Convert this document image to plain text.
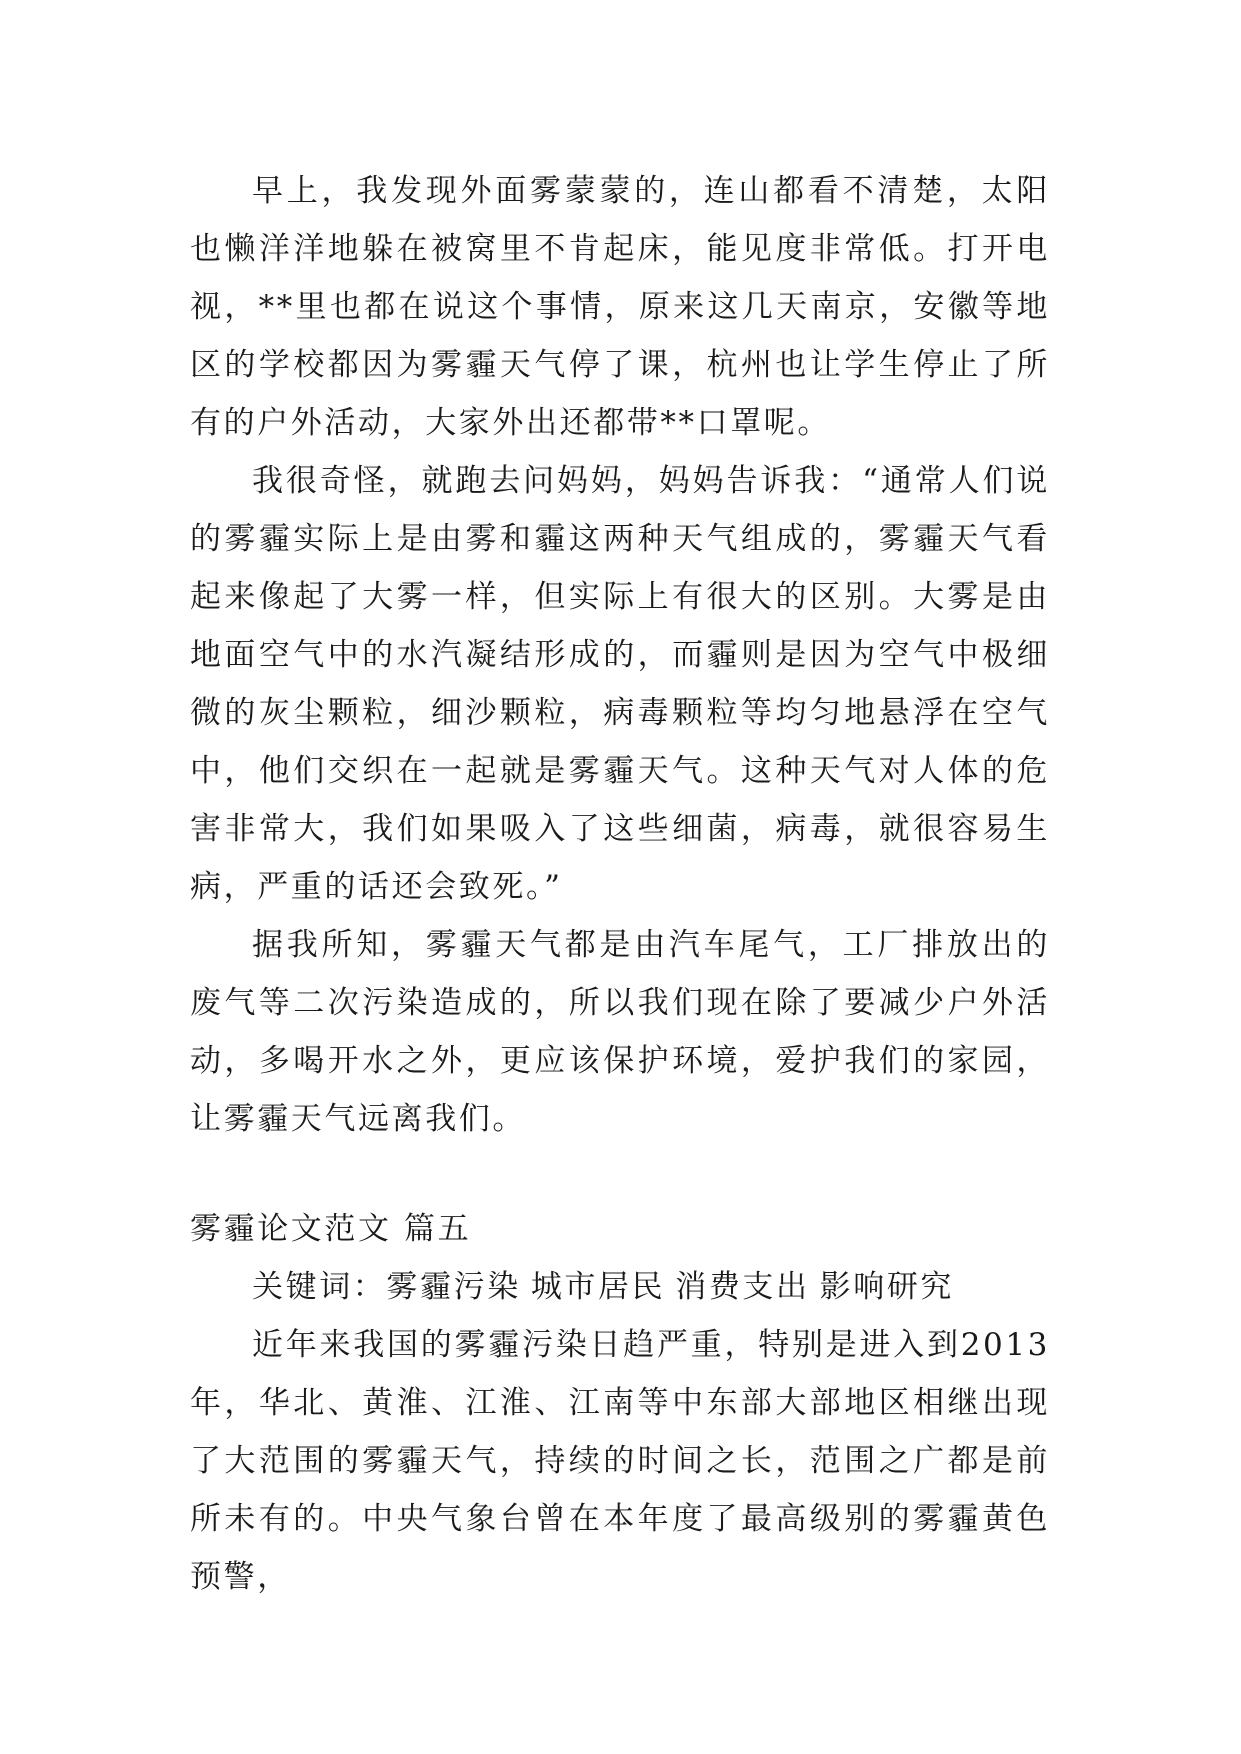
早上，我发现外面雾蒙蒙的，连山都看不清楚，太阳也懒洋洋地躲在被窝里不肯起床，能见度非常低。打开电视，**里也都在说这个事情，原来这几天南京，安徽等地区的学校都因为雾霾天气停了课，杭州也让学生停止了所有的户外活动，大家外出还都带**口罩呢。

我很奇怪，就跑去问妈妈，妈妈告诉我：“通常人们说的雾霾实际上是由雾和霾这两种天气组成的，雾霾天气看起来像起了大雾一样，但实际上有很大的区别。大雾是由地面空气中的水汽凝结形成的，而霾则是因为空气中极细微的灰尘颗粒，细沙颗粒，病毒颗粒等均匀地悬浮在空气中，他们交织在一起就是雾霾天气。这种天气对人体的危害非常大，我们如果吸入了这些细菌，病毒，就很容易生病，严重的话还会致死。”

据我所知，雾霾天气都是由汽车尾气，工厂排放出的废气等二次污染造成的，所以我们现在除了要减少户外活动，多喝开水之外，更应该保护环境，爱护我们的家园，让雾霾天气远离我们。

雾霾论文范文 篇五

关键词：雾霾污染 城市居民 消费支出 影响研究

近年来我国的雾霾污染日趋严重，特别是进入到2013年，华北、黄淮、江淮、江南等中东部大部地区相继出现了大范围的雾霾天气，持续的时间之长，范围之广都是前所未有的。中央气象台曾在本年度了最高级别的雾霾黄色预警，
